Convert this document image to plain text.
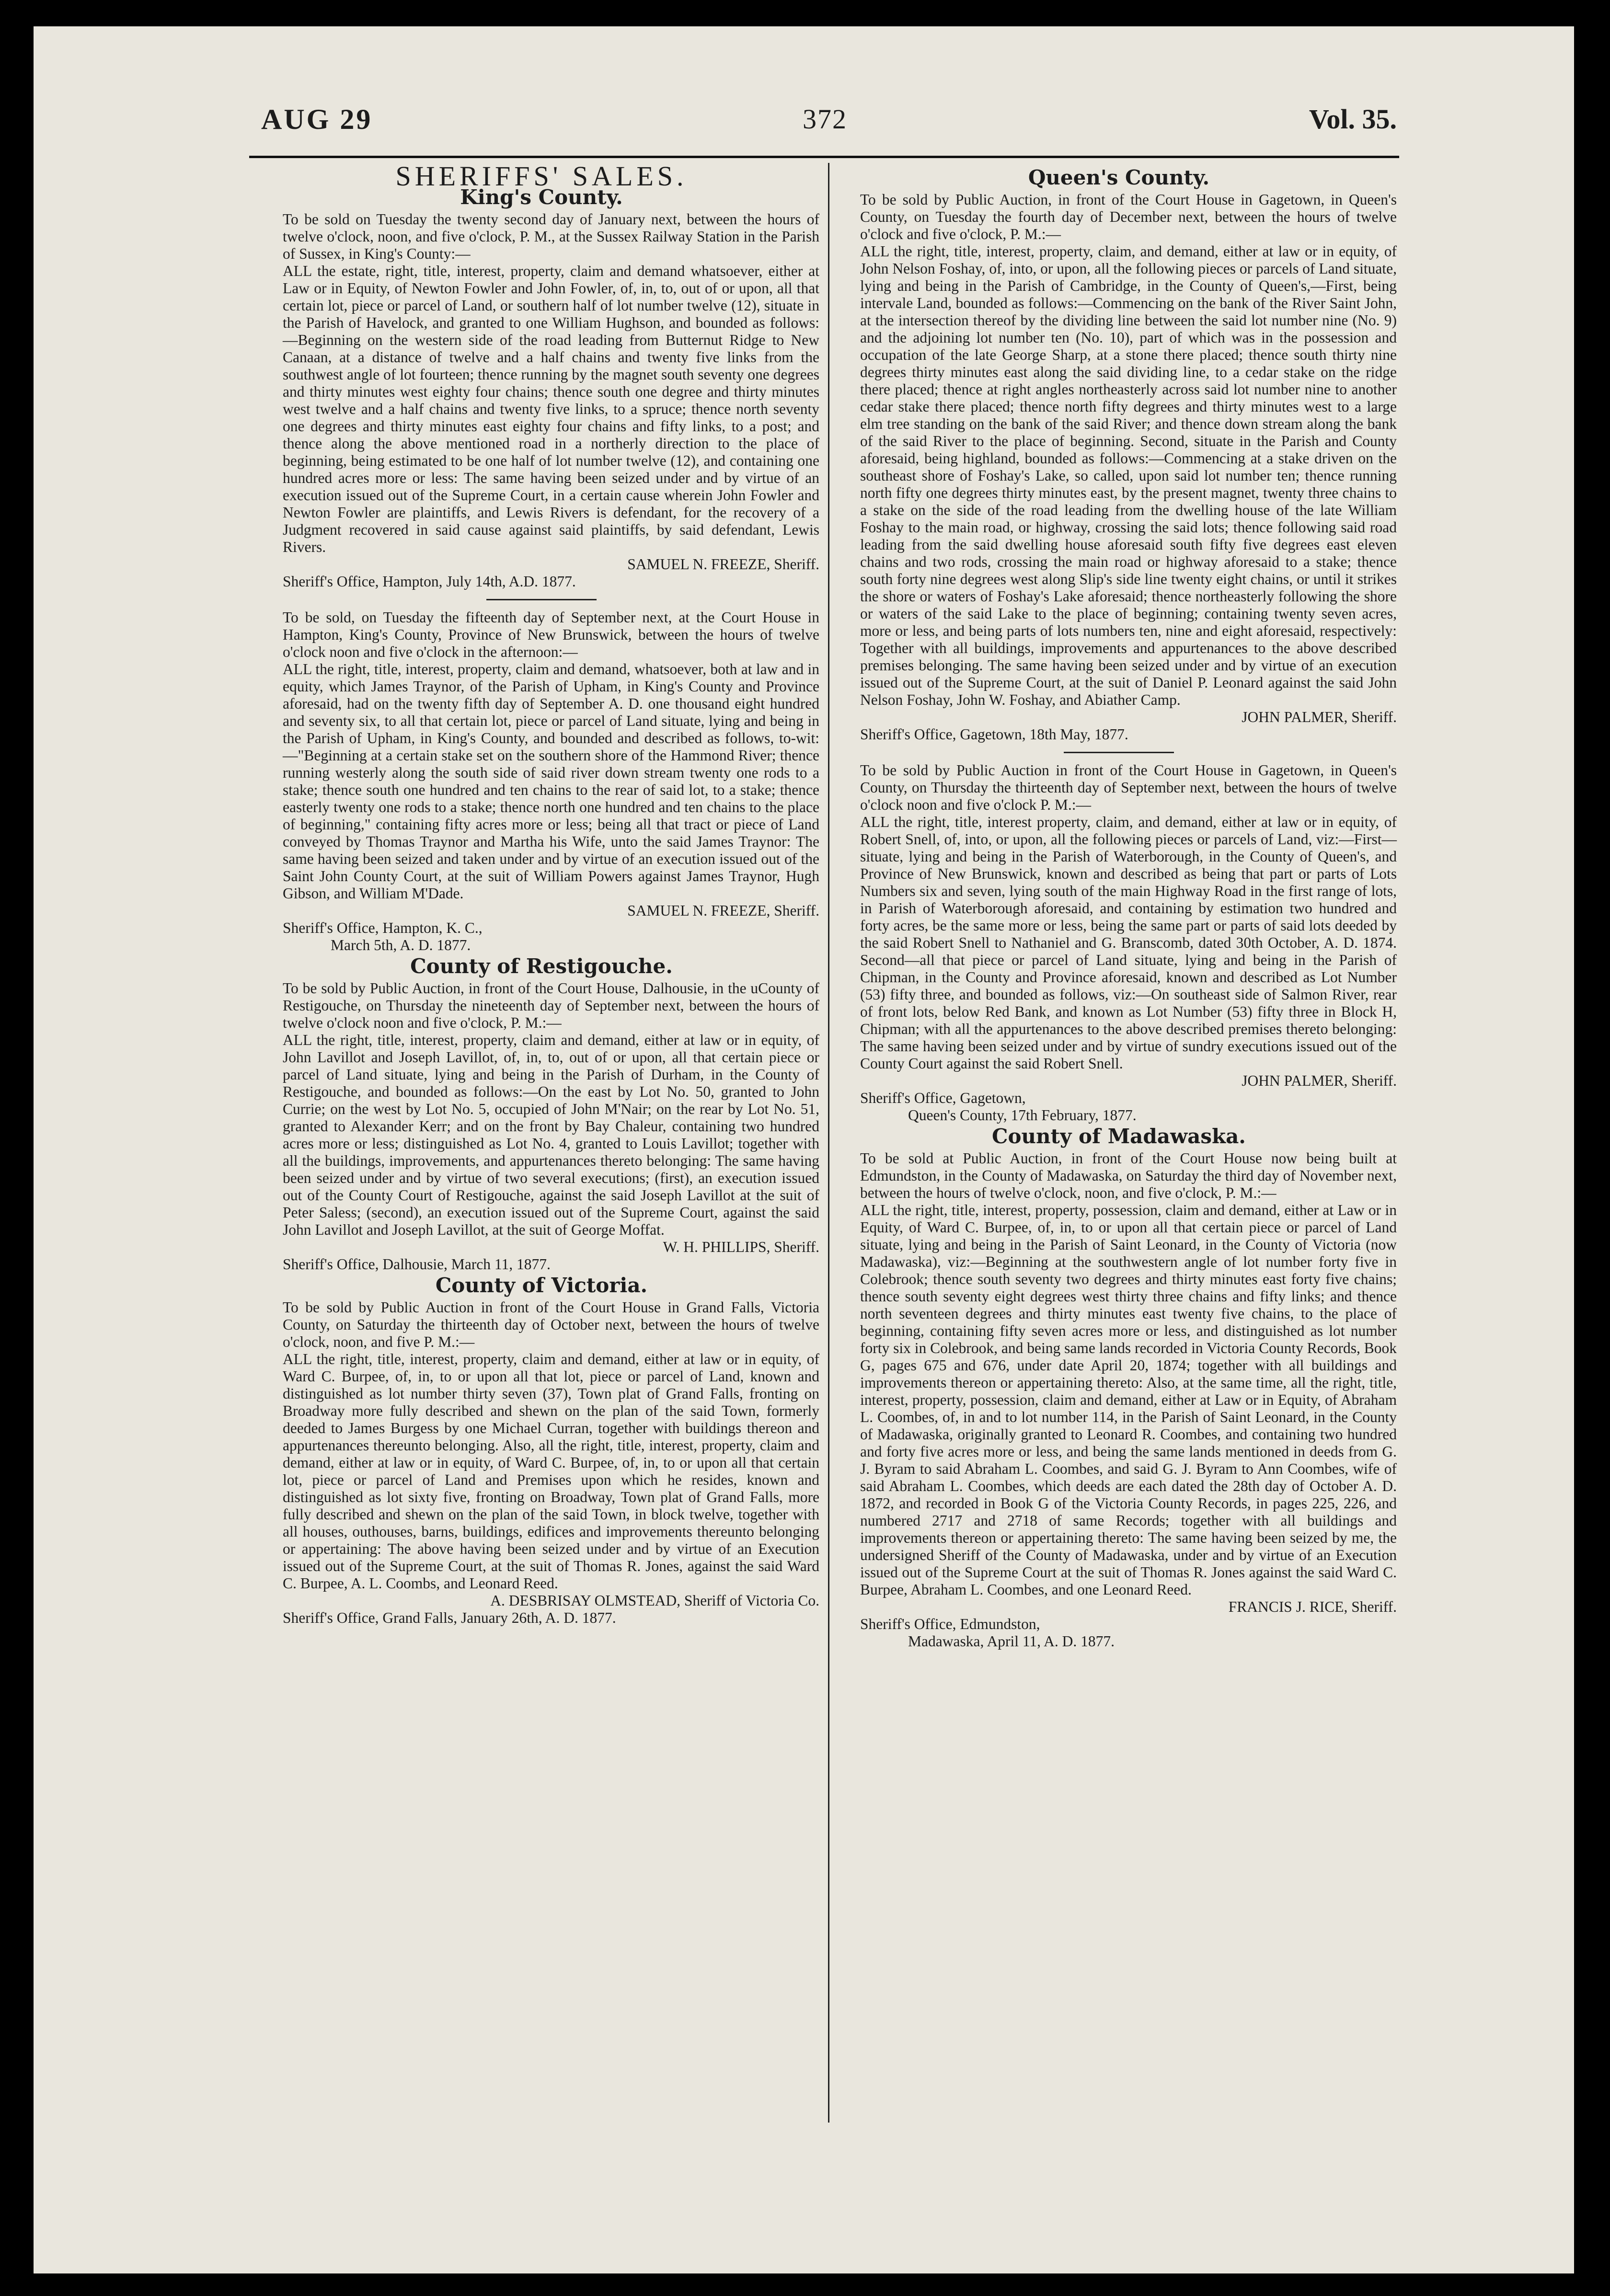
AUG 29	372	Vol. 35.
SHERIFFS' SALES.
King's County.

To be sold on Tuesday the twenty second day of January next, between the hours of twelve o'clock, noon, and five o'clock, P. M., at the Sussex Railway Station in the Parish of Sussex, in King's County:—

ALL the estate, right, title, interest, property, claim and demand whatsoever, either at Law or in Equity, of Newton Fowler and John Fowler, of, in, to, out of or upon, all that certain lot, piece or parcel of Land, or southern half of lot number twelve (12), situate in the Parish of Havelock, and granted to one William Hughson, and bounded as follows:—Beginning on the western side of the road leading from Butternut Ridge to New Canaan, at a distance of twelve and a half chains and twenty five links from the southwest angle of lot fourteen; thence running by the magnet south seventy one degrees and thirty minutes west eighty four chains; thence south one degree and thirty minutes west twelve and a half chains and twenty five links, to a spruce; thence north seventy one degrees and thirty minutes east eighty four chains and fifty links, to a post; and thence along the above mentioned road in a northerly direction to the place of beginning, being estimated to be one half of lot number twelve (12), and containing one hundred acres more or less: The same having been seized under and by virtue of an execution issued out of the Supreme Court, in a certain cause wherein John Fowler and Newton Fowler are plaintiffs, and Lewis Rivers is defendant, for the recovery of a Judgment recovered in said cause against said plaintiffs, by said defendant, Lewis Rivers.

SAMUEL N. FREEZE, Sheriff.

Sheriff's Office, Hampton, July 14th, A.D. 1877.

To be sold, on Tuesday the fifteenth day of September next, at the Court House in Hampton, King's County, Province of New Brunswick, between the hours of twelve o'clock noon and five o'clock in the afternoon:—

ALL the right, title, interest, property, claim and demand, whatsoever, both at law and in equity, which James Traynor, of the Parish of Upham, in King's County and Province aforesaid, had on the twenty fifth day of September A. D. one thousand eight hundred and seventy six, to all that certain lot, piece or parcel of Land situate, lying and being in the Parish of Upham, in King's County, and bounded and described as follows, to-wit:—"Beginning at a certain stake set on the southern shore of the Hammond River; thence running westerly along the south side of said river down stream twenty one rods to a stake; thence south one hundred and ten chains to the rear of said lot, to a stake; thence easterly twenty one rods to a stake; thence north one hundred and ten chains to the place of beginning," containing fifty acres more or less; being all that tract or piece of Land conveyed by Thomas Traynor and Martha his Wife, unto the said James Traynor: The same having been seized and taken under and by virtue of an execution issued out of the Saint John County Court, at the suit of William Powers against James Traynor, Hugh Gibson, and William M'Dade.

SAMUEL N. FREEZE, Sheriff.

Sheriff's Office, Hampton, K. C.,

March 5th, A. D. 1877.

County of Restigouche.

To be sold by Public Auction, in front of the Court House, Dalhousie, in the uCounty of Restigouche, on Thursday the nineteenth day of September next, between the hours of twelve o'clock noon and five o'clock, P. M.:—

ALL the right, title, interest, property, claim and demand, either at law or in equity, of John Lavillot and Joseph Lavillot, of, in, to, out of or upon, all that certain piece or parcel of Land situate, lying and being in the Parish of Durham, in the County of Restigouche, and bounded as follows:—On the east by Lot No. 50, granted to John Currie; on the west by Lot No. 5, occupied of John M'Nair; on the rear by Lot No. 51, granted to Alexander Kerr; and on the front by Bay Chaleur, containing two hundred acres more or less; distinguished as Lot No. 4, granted to Louis Lavillot; together with all the buildings, improvements, and appurtenances thereto belonging: The same having been seized under and by virtue of two several executions; (first), an execution issued out of the County Court of Restigouche, against the said Joseph Lavillot at the suit of Peter Saless; (second), an execution issued out of the Supreme Court, against the said John Lavillot and Joseph Lavillot, at the suit of George Moffat.

W. H. PHILLIPS, Sheriff.

Sheriff's Office, Dalhousie, March 11, 1877.

County of Victoria.

To be sold by Public Auction in front of the Court House in Grand Falls, Victoria County, on Saturday the thirteenth day of October next, between the hours of twelve o'clock, noon, and five P. M.:—

ALL the right, title, interest, property, claim and demand, either at law or in equity, of Ward C. Burpee, of, in, to or upon all that lot, piece or parcel of Land, known and distinguished as lot number thirty seven (37), Town plat of Grand Falls, fronting on Broadway more fully described and shewn on the plan of the said Town, formerly deeded to James Burgess by one Michael Curran, together with buildings thereon and appurtenances thereunto belonging. Also, all the right, title, interest, property, claim and demand, either at law or in equity, of Ward C. Burpee, of, in, to or upon all that certain lot, piece or parcel of Land and Premises upon which he resides, known and distinguished as lot sixty five, fronting on Broadway, Town plat of Grand Falls, more fully described and shewn on the plan of the said Town, in block twelve, together with all houses, outhouses, barns, buildings, edifices and improvements thereunto belonging or appertaining: The above having been seized under and by virtue of an Execution issued out of the Supreme Court, at the suit of Thomas R. Jones, against the said Ward C. Burpee, A. L. Coombs, and Leonard Reed.

A. DESBRISAY OLMSTEAD, Sheriff of Victoria Co.

Sheriff's Office, Grand Falls, January 26th, A. D. 1877.

Queen's County.

To be sold by Public Auction, in front of the Court House in Gagetown, in Queen's County, on Tuesday the fourth day of December next, between the hours of twelve o'clock and five o'clock, P. M.:—

ALL the right, title, interest, property, claim, and demand, either at law or in equity, of John Nelson Foshay, of, into, or upon, all the following pieces or parcels of Land situate, lying and being in the Parish of Cambridge, in the County of Queen's,—First, being intervale Land, bounded as follows:—Commencing on the bank of the River Saint John, at the intersection thereof by the dividing line between the said lot number nine (No. 9) and the adjoining lot number ten (No. 10), part of which was in the possession and occupation of the late George Sharp, at a stone there placed; thence south thirty nine degrees thirty minutes east along the said dividing line, to a cedar stake on the ridge there placed; thence at right angles northeasterly across said lot number nine to another cedar stake there placed; thence north fifty degrees and thirty minutes west to a large elm tree standing on the bank of the said River; and thence down stream along the bank of the said River to the place of beginning. Second, situate in the Parish and County aforesaid, being highland, bounded as follows:—Commencing at a stake driven on the southeast shore of Foshay's Lake, so called, upon said lot number ten; thence running north fifty one degrees thirty minutes east, by the present magnet, twenty three chains to a stake on the side of the road leading from the dwelling house of the late William Foshay to the main road, or highway, crossing the said lots; thence following said road leading from the said dwelling house aforesaid south fifty five degrees east eleven chains and two rods, crossing the main road or highway aforesaid to a stake; thence south forty nine degrees west along Slip's side line twenty eight chains, or until it strikes the shore or waters of Foshay's Lake aforesaid; thence northeasterly following the shore or waters of the said Lake to the place of beginning; containing twenty seven acres, more or less, and being parts of lots numbers ten, nine and eight aforesaid, respectively: Together with all buildings, improvements and appurtenances to the above described premises belonging. The same having been seized under and by virtue of an execution issued out of the Supreme Court, at the suit of Daniel P. Leonard against the said John Nelson Foshay, John W. Foshay, and Abiather Camp.

JOHN PALMER, Sheriff.

Sheriff's Office, Gagetown, 18th May, 1877.

To be sold by Public Auction in front of the Court House in Gagetown, in Queen's County, on Thursday the thirteenth day of September next, between the hours of twelve o'clock noon and five o'clock P. M.:—

ALL the right, title, interest property, claim, and demand, either at law or in equity, of Robert Snell, of, into, or upon, all the following pieces or parcels of Land, viz:—First—situate, lying and being in the Parish of Waterborough, in the County of Queen's, and Province of New Brunswick, known and described as being that part or parts of Lots Numbers six and seven, lying south of the main Highway Road in the first range of lots, in Parish of Waterborough aforesaid, and containing by estimation two hundred and forty acres, be the same more or less, being the same part or parts of said lots deeded by the said Robert Snell to Nathaniel and G. Branscomb, dated 30th October, A. D. 1874. Second—all that piece or parcel of Land situate, lying and being in the Parish of Chipman, in the County and Province aforesaid, known and described as Lot Number (53) fifty three, and bounded as follows, viz:—On southeast side of Salmon River, rear of front lots, below Red Bank, and known as Lot Number (53) fifty three in Block H, Chipman; with all the appurtenances to the above described premises thereto belonging: The same having been seized under and by virtue of sundry executions issued out of the County Court against the said Robert Snell.

JOHN PALMER, Sheriff.

Sheriff's Office, Gagetown,

Queen's County, 17th February, 1877.

County of Madawaska.

To be sold at Public Auction, in front of the Court House now being built at Edmundston, in the County of Madawaska, on Saturday the third day of November next, between the hours of twelve o'clock, noon, and five o'clock, P. M.:—

ALL the right, title, interest, property, possession, claim and demand, either at Law or in Equity, of Ward C. Burpee, of, in, to or upon all that certain piece or parcel of Land situate, lying and being in the Parish of Saint Leonard, in the County of Victoria (now Madawaska), viz:—Beginning at the southwestern angle of lot number forty five in Colebrook; thence south seventy two degrees and thirty minutes east forty five chains; thence south seventy eight degrees west thirty three chains and fifty links; and thence north seventeen degrees and thirty minutes east twenty five chains, to the place of beginning, containing fifty seven acres more or less, and distinguished as lot number forty six in Colebrook, and being same lands recorded in Victoria County Records, Book G, pages 675 and 676, under date April 20, 1874; together with all buildings and improvements thereon or appertaining thereto: Also, at the same time, all the right, title, interest, property, possession, claim and demand, either at Law or in Equity, of Abraham L. Coombes, of, in and to lot number 114, in the Parish of Saint Leonard, in the County of Madawaska, originally granted to Leonard R. Coombes, and containing two hundred and forty five acres more or less, and being the same lands mentioned in deeds from G. J. Byram to said Abraham L. Coombes, and said G. J. Byram to Ann Coombes, wife of said Abraham L. Coombes, which deeds are each dated the 28th day of October A. D. 1872, and recorded in Book G of the Victoria County Records, in pages 225, 226, and numbered 2717 and 2718 of same Records; together with all buildings and improvements thereon or appertaining thereto: The same having been seized by me, the undersigned Sheriff of the County of Madawaska, under and by virtue of an Execution issued out of the Supreme Court at the suit of Thomas R. Jones against the said Ward C. Burpee, Abraham L. Coombes, and one Leonard Reed.

FRANCIS J. RICE, Sheriff.

Sheriff's Office, Edmundston,

Madawaska, April 11, A. D. 1877.
